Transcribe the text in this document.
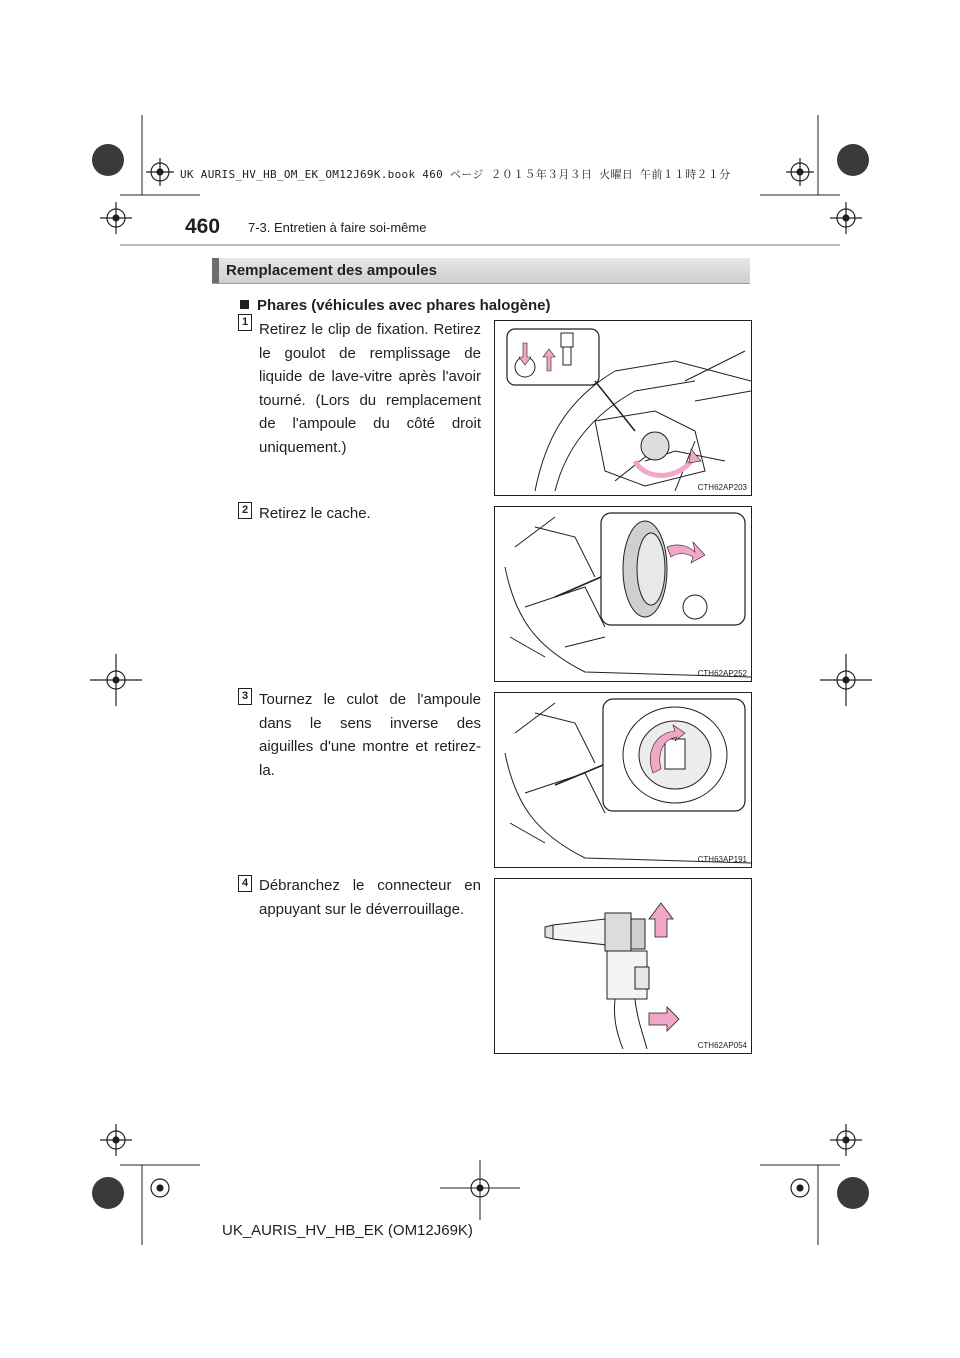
UK AURIS_HV_HB_OM_EK_OM12J69K.book 460 ページ ２０１５年３月３日 火曜日 午前１１時２１分
460 7-3. Entretien à faire soi-même
Remplacement des ampoules
Phares (véhicules avec phares halogène)
1 Retirez le clip de fixation. Retirez le goulot de remplissage de liquide de lave-vitre après l'avoir tourné. (Lors du remplacement de l'ampoule du côté droit uniquement.)
CTH62AP203
2 Retirez le cache.
CTH62AP252
3 Tournez le culot de l'ampoule dans le sens inverse des aiguilles d'une montre et retirez-la.
CTH63AP191
4 Débranchez le connecteur en appuyant sur le déverrouillage.
CTH62AP054
UK_AURIS_HV_HB_EK (OM12J69K)
